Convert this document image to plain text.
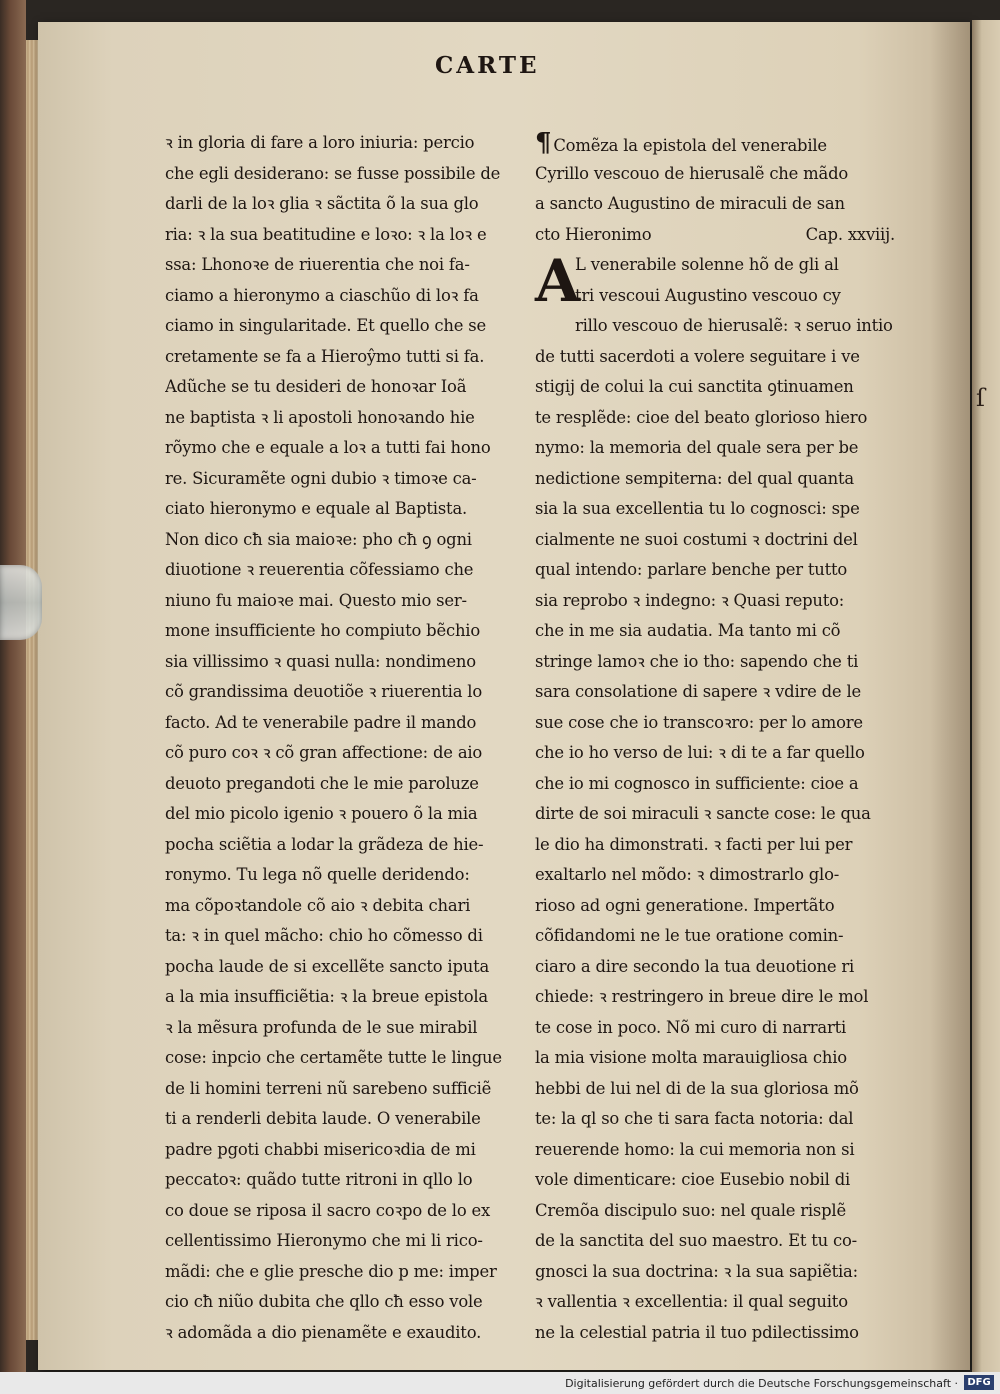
ſ
CARTE
ꝛ in gloria di fare a loro iniuria: percio
che egli desiderano: se fusse possibile de
darli de la loꝛ glia ꝛ sãctita õ la sua glo
ria: ꝛ la sua beatitudine e loꝛo: ꝛ la loꝛ e
ssa: Lhonoꝛe de riuerentia che noi fa-
ciamo a hieronymo a ciaschũo di loꝛ fa
ciamo in singularitade. Et quello che se
cretamente se fa a Hieroŷmo tutti si fa.
Adũche se tu desideri de honoꝛar Ioã
ne baptista ꝛ li apostoli honoꝛando hie
rõymo che e equale a loꝛ a tutti fai hono
re. Sicuramẽte ogni dubio ꝛ timoꝛe ca-
ciato hieronymo e equale al Baptista.
Non dico cħ sia maioꝛe: pho cħ ꝯ ogni
diuotione ꝛ reuerentia cõfessiamo che
niuno fu maioꝛe mai. Questo mio ser-
mone insufficiente ho compiuto bẽchio
sia villissimo ꝛ quasi nulla: nondimeno
cõ grandissima deuotiõe ꝛ riuerentia lo
facto. Ad te venerabile padre il mando
cõ puro coꝛ ꝛ cõ gran affectione: de aio
deuoto pregandoti che le mie paroluze
del mio picolo igenio ꝛ pouero õ la mia
pocha sciẽtia a lodar la grãdeza de hie-
ronymo. Tu lega nõ quelle deridendo:
ma cõpoꝛtandole cõ aio ꝛ debita chari
ta: ꝛ in quel mãcho: chio ho cõmesso di
pocha laude de si excellẽte sancto iputa
a la mia insufficiẽtia: ꝛ la breue epistola
ꝛ la mẽsura profunda de le sue mirabil
cose: inpcio che certamẽte tutte le lingue
de li homini terreni nũ sarebeno sufficiẽ
ti a renderli debita laude. O venerabile
padre pgoti chabbi misericoꝛdia de mi
peccatoꝛ: quãdo tutte ritroni in qllo lo
co doue se riposa il sacro coꝛpo de lo ex
cellentissimo Hieronymo che mi li rico-
mãdi: che e glie presche dio p me: imper
cio cħ niũo dubita che qllo cħ esso vole
ꝛ adomãda a dio pienamẽte e exaudito.
¶ Comẽza la epistola del venerabile
Cyrillo vescouo de hierusalẽ che mãdo
a sancto Augustino de miraculi de san
cto Hieronimo	Cap. xxviij.
A
L venerabile solenne hõ de gli al
tri vescoui Augustino vescouo cy
rillo vescouo de hierusalẽ: ꝛ seruo intio
de tutti sacerdoti a volere seguitare i ve
stigij de colui la cui sanctita ꝯtinuamen
te resplẽde: cioe del beato glorioso hiero
nymo: la memoria del quale sera per be
nedictione sempiterna: del qual quanta
sia la sua excellentia tu lo cognosci: spe
cialmente ne suoi costumi ꝛ doctrini del
qual intendo: parlare benche per tutto
sia reprobo ꝛ indegno: ꝛ Quasi reputo:
che in me sia audatia. Ma tanto mi cõ
stringe lamoꝛ che io tho: sapendo che ti
sara consolatione di sapere ꝛ vdire de le
sue cose che io transcoꝛro: per lo amore
che io ho verso de lui: ꝛ di te a far quello
che io mi cognosco in sufficiente: cioe a
dirte de soi miraculi ꝛ sancte cose: le qua
le dio ha dimonstrati. ꝛ facti per lui per
exaltarlo nel mõdo: ꝛ dimostrarlo glo-
rioso ad ogni generatione. Impertãto
cõfidandomi ne le tue oratione comin-
ciaro a dire secondo la tua deuotione ri
chiede: ꝛ restringero in breue dire le mol
te cose in poco. Nõ mi curo di narrarti
la mia visione molta marauigliosa chio
hebbi de lui nel di de la sua gloriosa mõ
te: la ql so che ti sara facta notoria: dal
reuerende homo: la cui memoria non si
vole dimenticare: cioe Eusebio nobil di
Cremõa discipulo suo: nel quale risplẽ
de la sanctita del suo maestro. Et tu co-
gnosci la sua doctrina: ꝛ la sua sapiẽtia:
ꝛ vallentia ꝛ excellentia: il qual seguito
ne la celestial patria il tuo pdilectissimo
Digitalisierung gefördert durch die Deutsche Forschungsgemeinschaft · DFG
